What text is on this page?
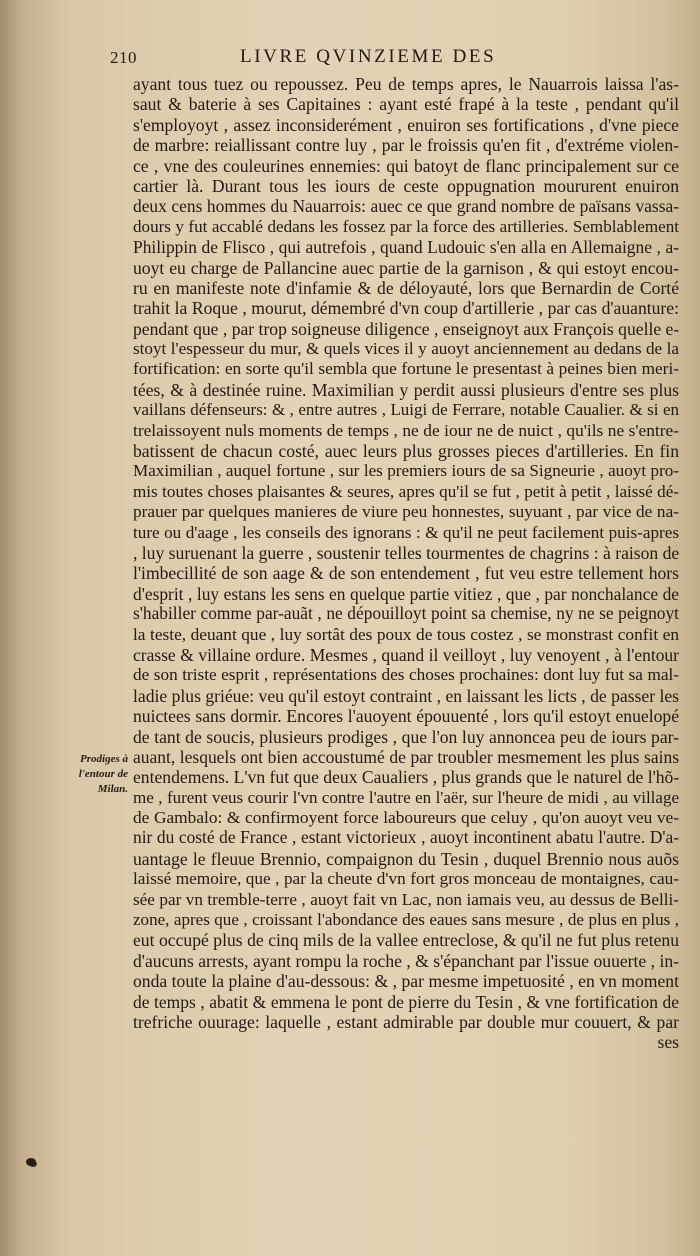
210	LIVRE QVINZIEME DES
Prodiges à
l'entour de
Milan.
ayant tous tuez ou repoussez. Peu de temps apres, le Nauarrois laissa l'as-
saut & baterie à ses Capitaines : ayant esté frapé à la teste , pendant qu'il
s'employoyt , assez inconsiderément , enuiron ses fortifications , d'vne piece
de marbre: reiallissant contre luy , par le froissis qu'en fit , d'extréme violen-
ce , vne des couleurines ennemies: qui batoyt de flanc principalement sur ce
cartier là. Durant tous les iours de ceste oppugnation moururent enuiron
deux cens hommes du Nauarrois: auec ce que grand nombre de païsans vassa-
dours y fut accablé dedans les fossez par la force des artilleries. Semblablement
Philippin de Flisco , qui autrefois , quand Ludouic s'en alla en Allemaigne , a-
uoyt eu charge de Pallancine auec partie de la garnison , & qui estoyt encou-
ru en manifeste note d'infamie & de déloyauté, lors que Bernardin de Corté
trahit la Roque , mourut, démembré d'vn coup d'artillerie , par cas d'auanture:
pendant que , par trop soigneuse diligence , enseignoyt aux François quelle e-
stoyt l'espesseur du mur, & quels vices il y auoyt anciennement au dedans de la
fortification: en sorte qu'il sembla que fortune le presentast à peines bien meri-
tées, & à destinée ruine. Maximilian y perdit aussi plusieurs d'entre ses plus
vaillans défenseurs: & , entre autres , Luigi de Ferrare, notable Caualier. & si en
trelaissoyent nuls moments de temps , ne de iour ne de nuict , qu'ils ne s'entre-
batissent de chacun costé, auec leurs plus grosses pieces d'artilleries. En fin
Maximilian , auquel fortune , sur les premiers iours de sa Signeurie , auoyt pro-
mis toutes choses plaisantes & seures, apres qu'il se fut , petit à petit , laissé dé-
prauer par quelques manieres de viure peu honnestes, suyuant , par vice de na-
ture ou d'aage , les conseils des ignorans : & qu'il ne peut facilement puis-apres
, luy suruenant la guerre , soustenir telles tourmentes de chagrins : à raison de
l'imbecillité de son aage & de son entendement , fut veu estre tellement hors
d'esprit , luy estans les sens en quelque partie vitiez , que , par nonchalance de
s'habiller comme par-auãt , ne dépouilloyt point sa chemise, ny ne se peignoyt
la teste, deuant que , luy sortât des poux de tous costez , se monstrast confit en
crasse & villaine ordure. Mesmes , quand il veilloyt , luy venoyent , à l'entour
de son triste esprit , représentations des choses prochaines: dont luy fut sa mal-
ladie plus griéue: veu qu'il estoyt contraint , en laissant les licts , de passer les
nuictees sans dormir. Encores l'auoyent épouuenté , lors qu'il estoyt enuelopé
de tant de soucis, plusieurs prodiges , que l'on luy annoncea peu de iours par-
auant, lesquels ont bien accoustumé de par troubler mesmement les plus sains
entendemens. L'vn fut que deux Caualiers , plus grands que le naturel de l'hõ-
me , furent veus courir l'vn contre l'autre en l'aër, sur l'heure de midi , au village
de Gambalo: & confirmoyent force laboureurs que celuy , qu'on auoyt veu ve-
nir du costé de France , estant victorieux , auoyt incontinent abatu l'autre. D'a-
uantage le fleuue Brennio, compaignon du Tesin , duquel Brennio nous auõs
laissé memoire, que , par la cheute d'vn fort gros monceau de montaignes, cau-
sée par vn tremble-terre , auoyt fait vn Lac, non iamais veu, au dessus de Belli-
zone, apres que , croissant l'abondance des eaues sans mesure , de plus en plus ,
eut occupé plus de cinq mils de la vallee entreclose, & qu'il ne fut plus retenu
d'aucuns arrests, ayant rompu la roche , & s'épanchant par l'issue ouuerte , in-
onda toute la plaine d'au-dessous: & , par mesme impetuosité , en vn moment
de temps , abatit & emmena le pont de pierre du Tesin , & vne fortification de
trefriche ouurage: laquelle , estant admirable par double mur couuert, & par
ses
